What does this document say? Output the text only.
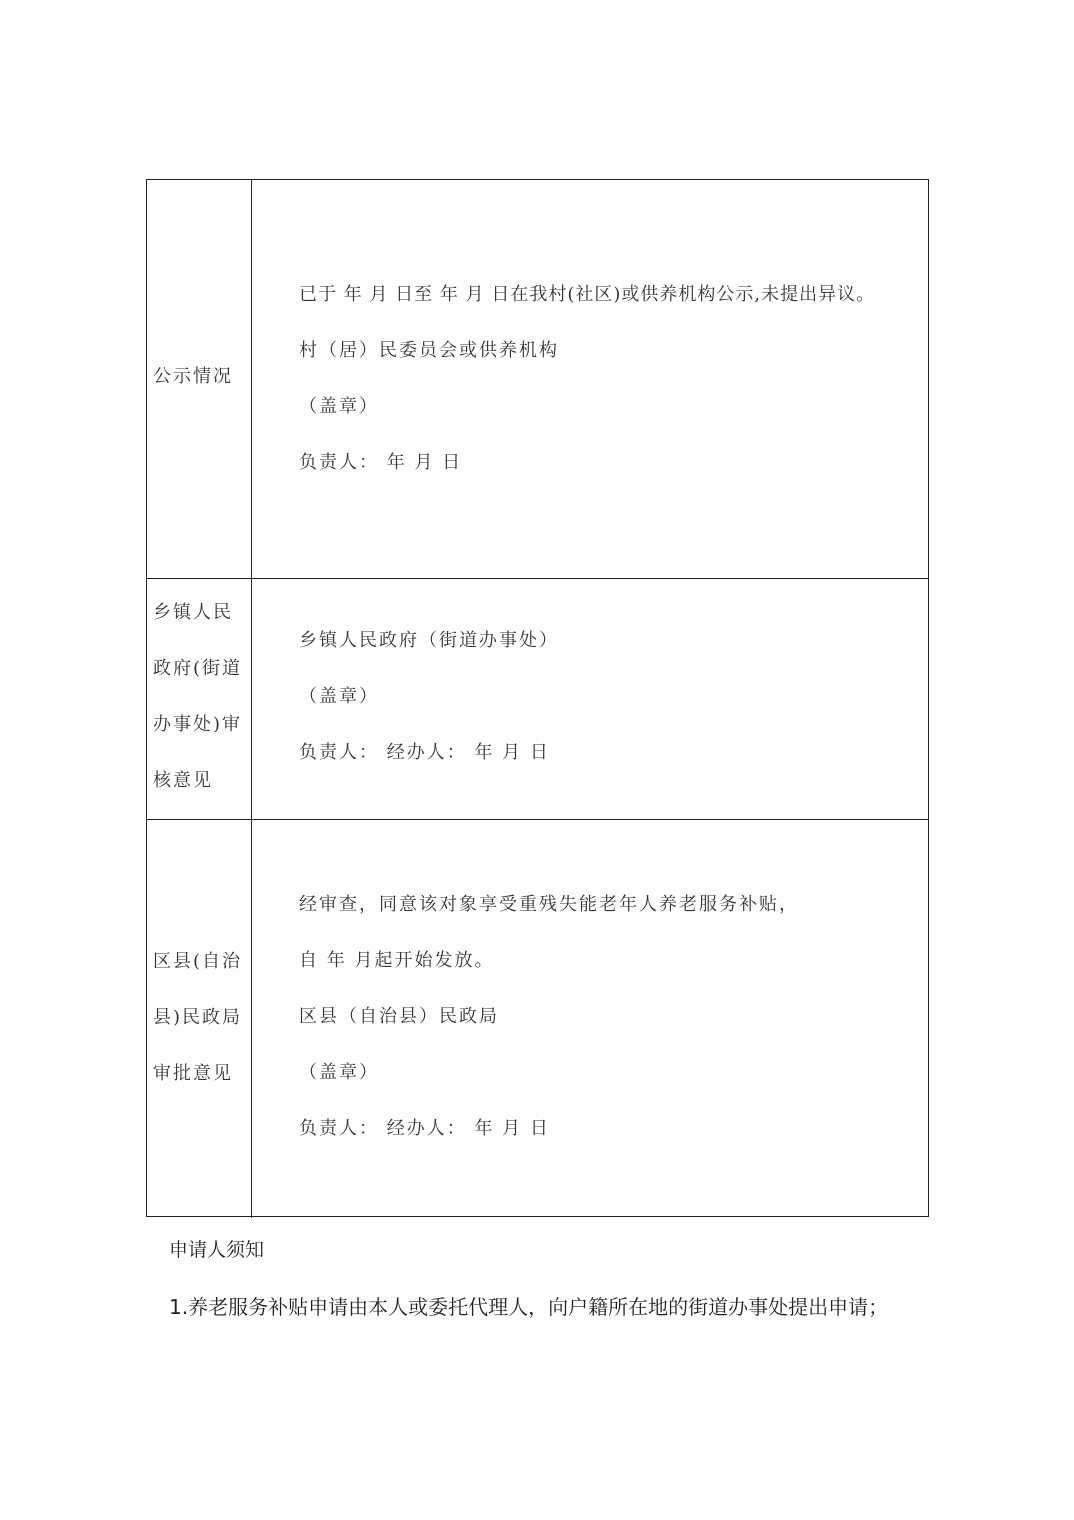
公示情况
已于 年 月 日至 年 月 日在我村(社区)或供养机构公示,未提出异议。
村（居）民委员会或供养机构
（盖章）
负责人： 年 月 日
乡镇人民
政府(街道
办事处)审
核意见
乡镇人民政府（街道办事处）
（盖章）
负责人： 经办人： 年 月 日
区县(自治
县)民政局
审批意见
经审查，同意该对象享受重残失能老年人养老服务补贴，
自 年 月起开始发放。
区县（自治县）民政局
（盖章）
负责人： 经办人： 年 月 日
申请人须知
1.养老服务补贴申请由本人或委托代理人，向户籍所在地的街道办事处提出申请；
